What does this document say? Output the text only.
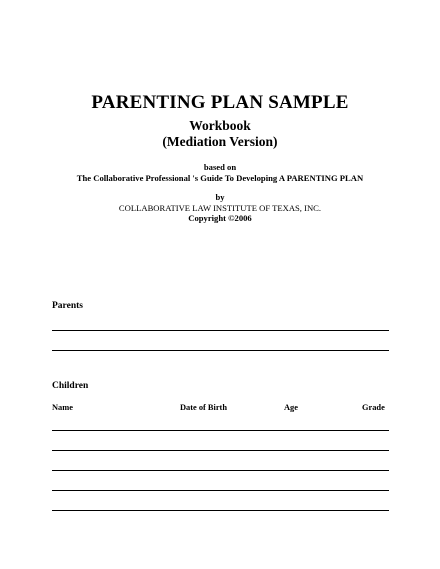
PARENTING PLAN SAMPLE
Workbook
(Mediation Version)
based on
The Collaborative Professional 's Guide To Developing A PARENTING PLAN
by
COLLABORATIVE LAW INSTITUTE OF TEXAS, INC.
Copyright ©2006
Parents
Children
Name	Date of Birth	Age	Grade
